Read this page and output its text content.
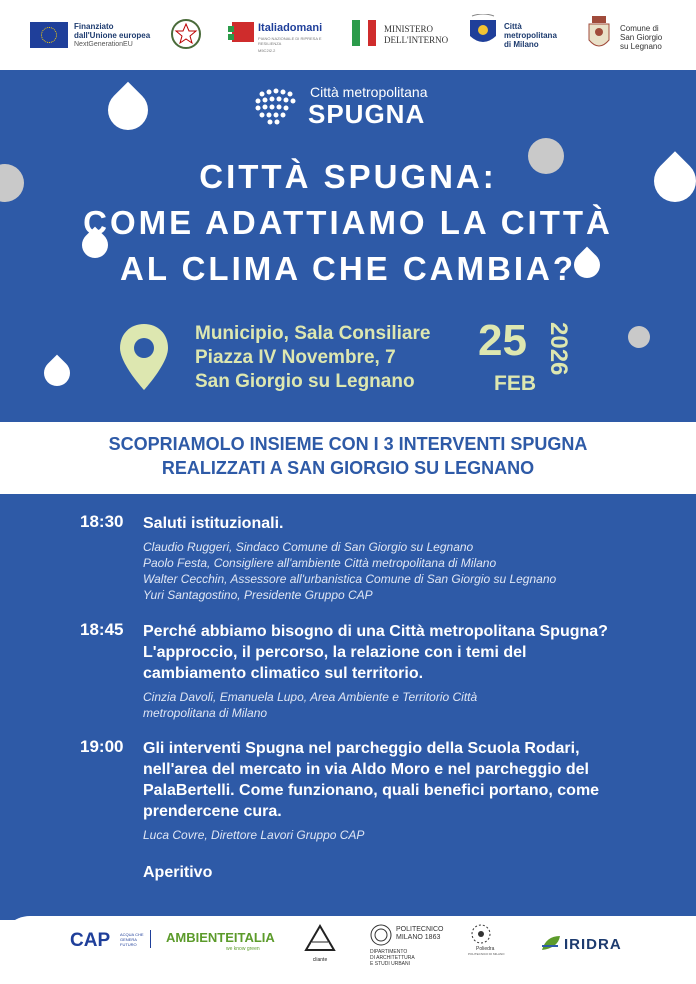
Finanziato
dall'Unione europea
NextGenerationEU
Italiadomani
PIANO NAZIONALE DI RIPRESA E RESILIENZA
M5C2I2.2
MINISTERO
DELL'INTERNO
Città
metropolitana
di Milano
Comune di
San Giorgio
su Legnano
Città metropolitana
SPUGNA
CITTÀ SPUGNA:
COME ADATTIAMO LA CITTÀ
AL CLIMA CHE CAMBIA?
Municipio, Sala Consiliare
Piazza IV Novembre, 7
San Giorgio su Legnano
25
FEB
2026
SCOPRIAMOLO INSIEME CON I 3 INTERVENTI SPUGNA
REALIZZATI A SAN GIORGIO SU LEGNANO
18:30 Saluti istituzionali.
Claudio Ruggeri, Sindaco Comune di San Giorgio su Legnano
Paolo Festa, Consigliere all'ambiente Città metropolitana di Milano
Walter Cecchin, Assessore all'urbanistica Comune di San Giorgio su Legnano
Yuri Santagostino, Presidente Gruppo CAP
18:45 Perché abbiamo bisogno di una Città metropolitana Spugna? L'approccio, il percorso, la relazione con i temi del cambiamento climatico sul territorio.
Cinzia Davoli, Emanuela Lupo, Area Ambiente e Territorio Città metropolitana di Milano
19:00 Gli interventi Spugna nel parcheggio della Scuola Rodari, nell'area del mercato in via Aldo Moro e nel parcheggio del PalaBertelli. Come funzionano, quali benefici portano, come prendercene cura.
Luca Covre, Direttore Lavori Gruppo CAP
Aperitivo
CAP ACQUA CHE GENERA FUTURO	AMBIENTEITALIA
we know green
cliante
POLITECNICO
MILANO 1863
DIPARTIMENTO
DI ARCHITETTURA
E STUDI URBANI
Poliedra
POLITECNICO DI MILANO
IRIDRA
